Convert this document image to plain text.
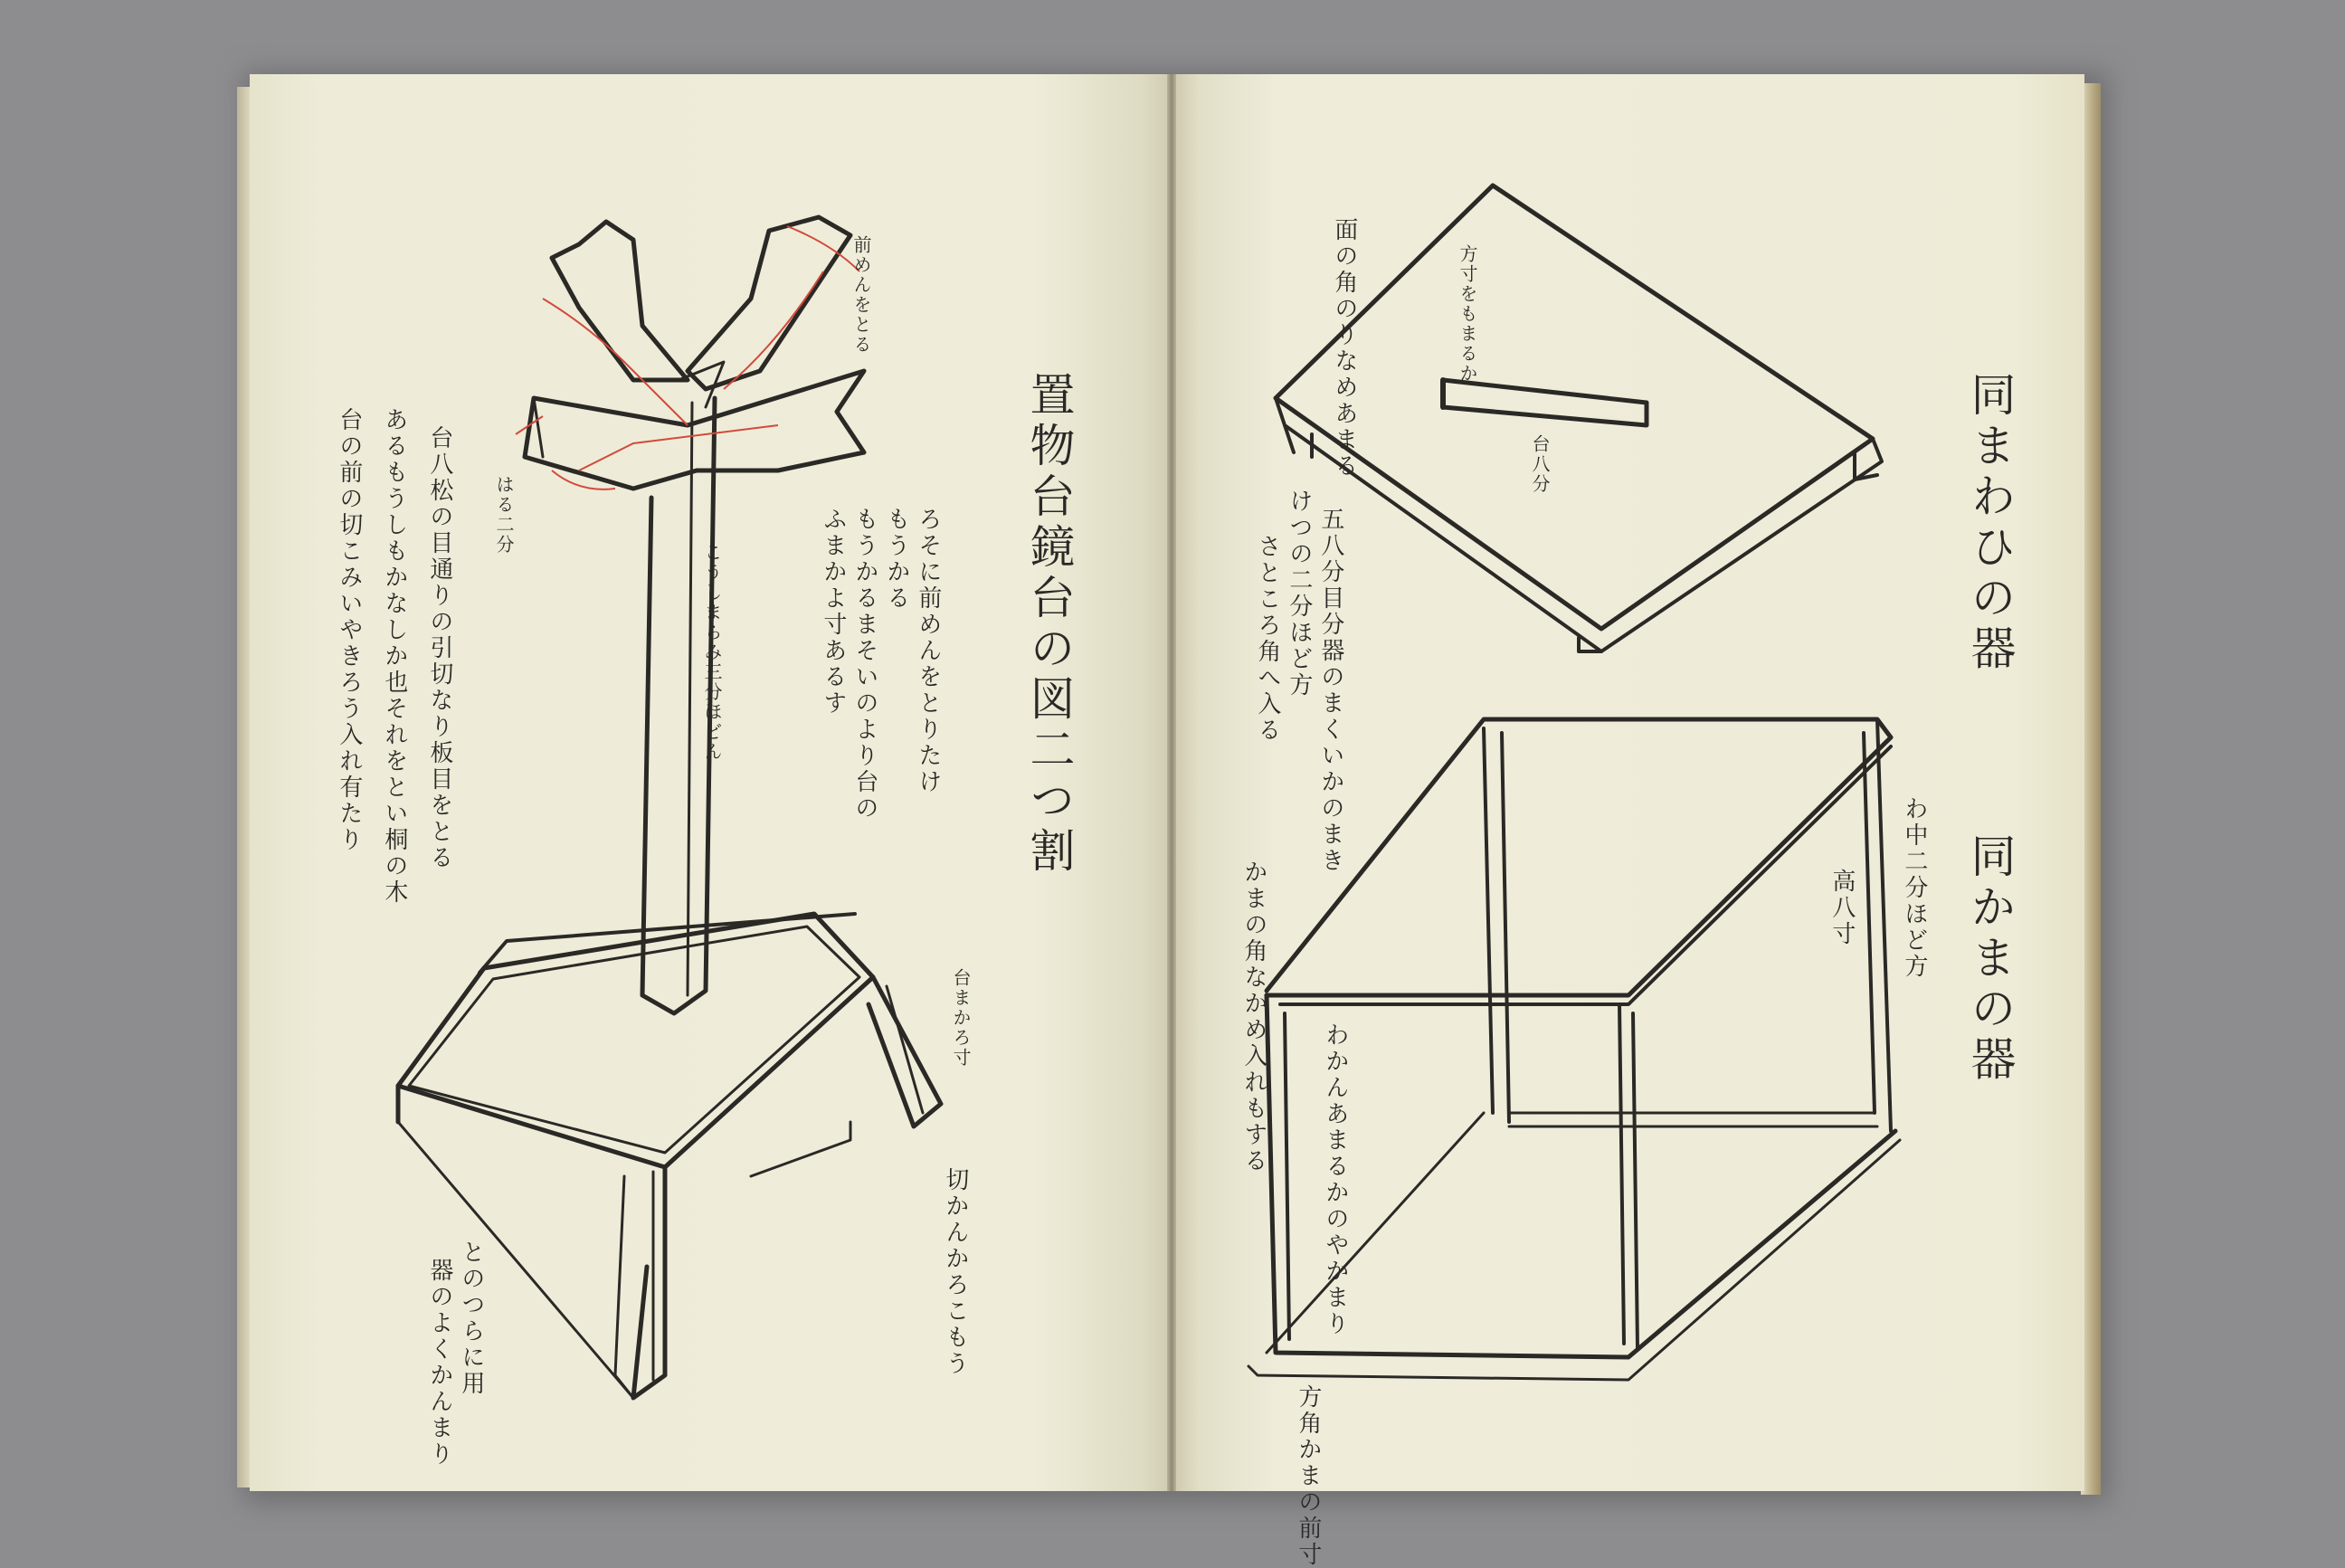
置物台鏡台の図二つ割
台八松の目通りの引切なり板目をとる
あるもうしもかなしか也それをとい桐の木
台の前の切こみいやきろう入れ有たり	ろそに前めんをとりたけ
もうかる
もうかるまそいのより台の
ふまかよ寸あるす
こうしまらみ三分ほどん
前めんをとる
とのつらに用
器のよくかんまり
はる二分
切かんかろこもう
台まかろ寸
同まわひの器
同かまの器
面の角のりなめあまる	方寸をもまるか
台八分
けつの二分ほど方 五八分目分器のまくいかのまき
さところ角へ入る
わ中二分ほど方
高八寸
かまの角なかめ入れもする
わかんあまるかのやかまり
方角かまの前寸
